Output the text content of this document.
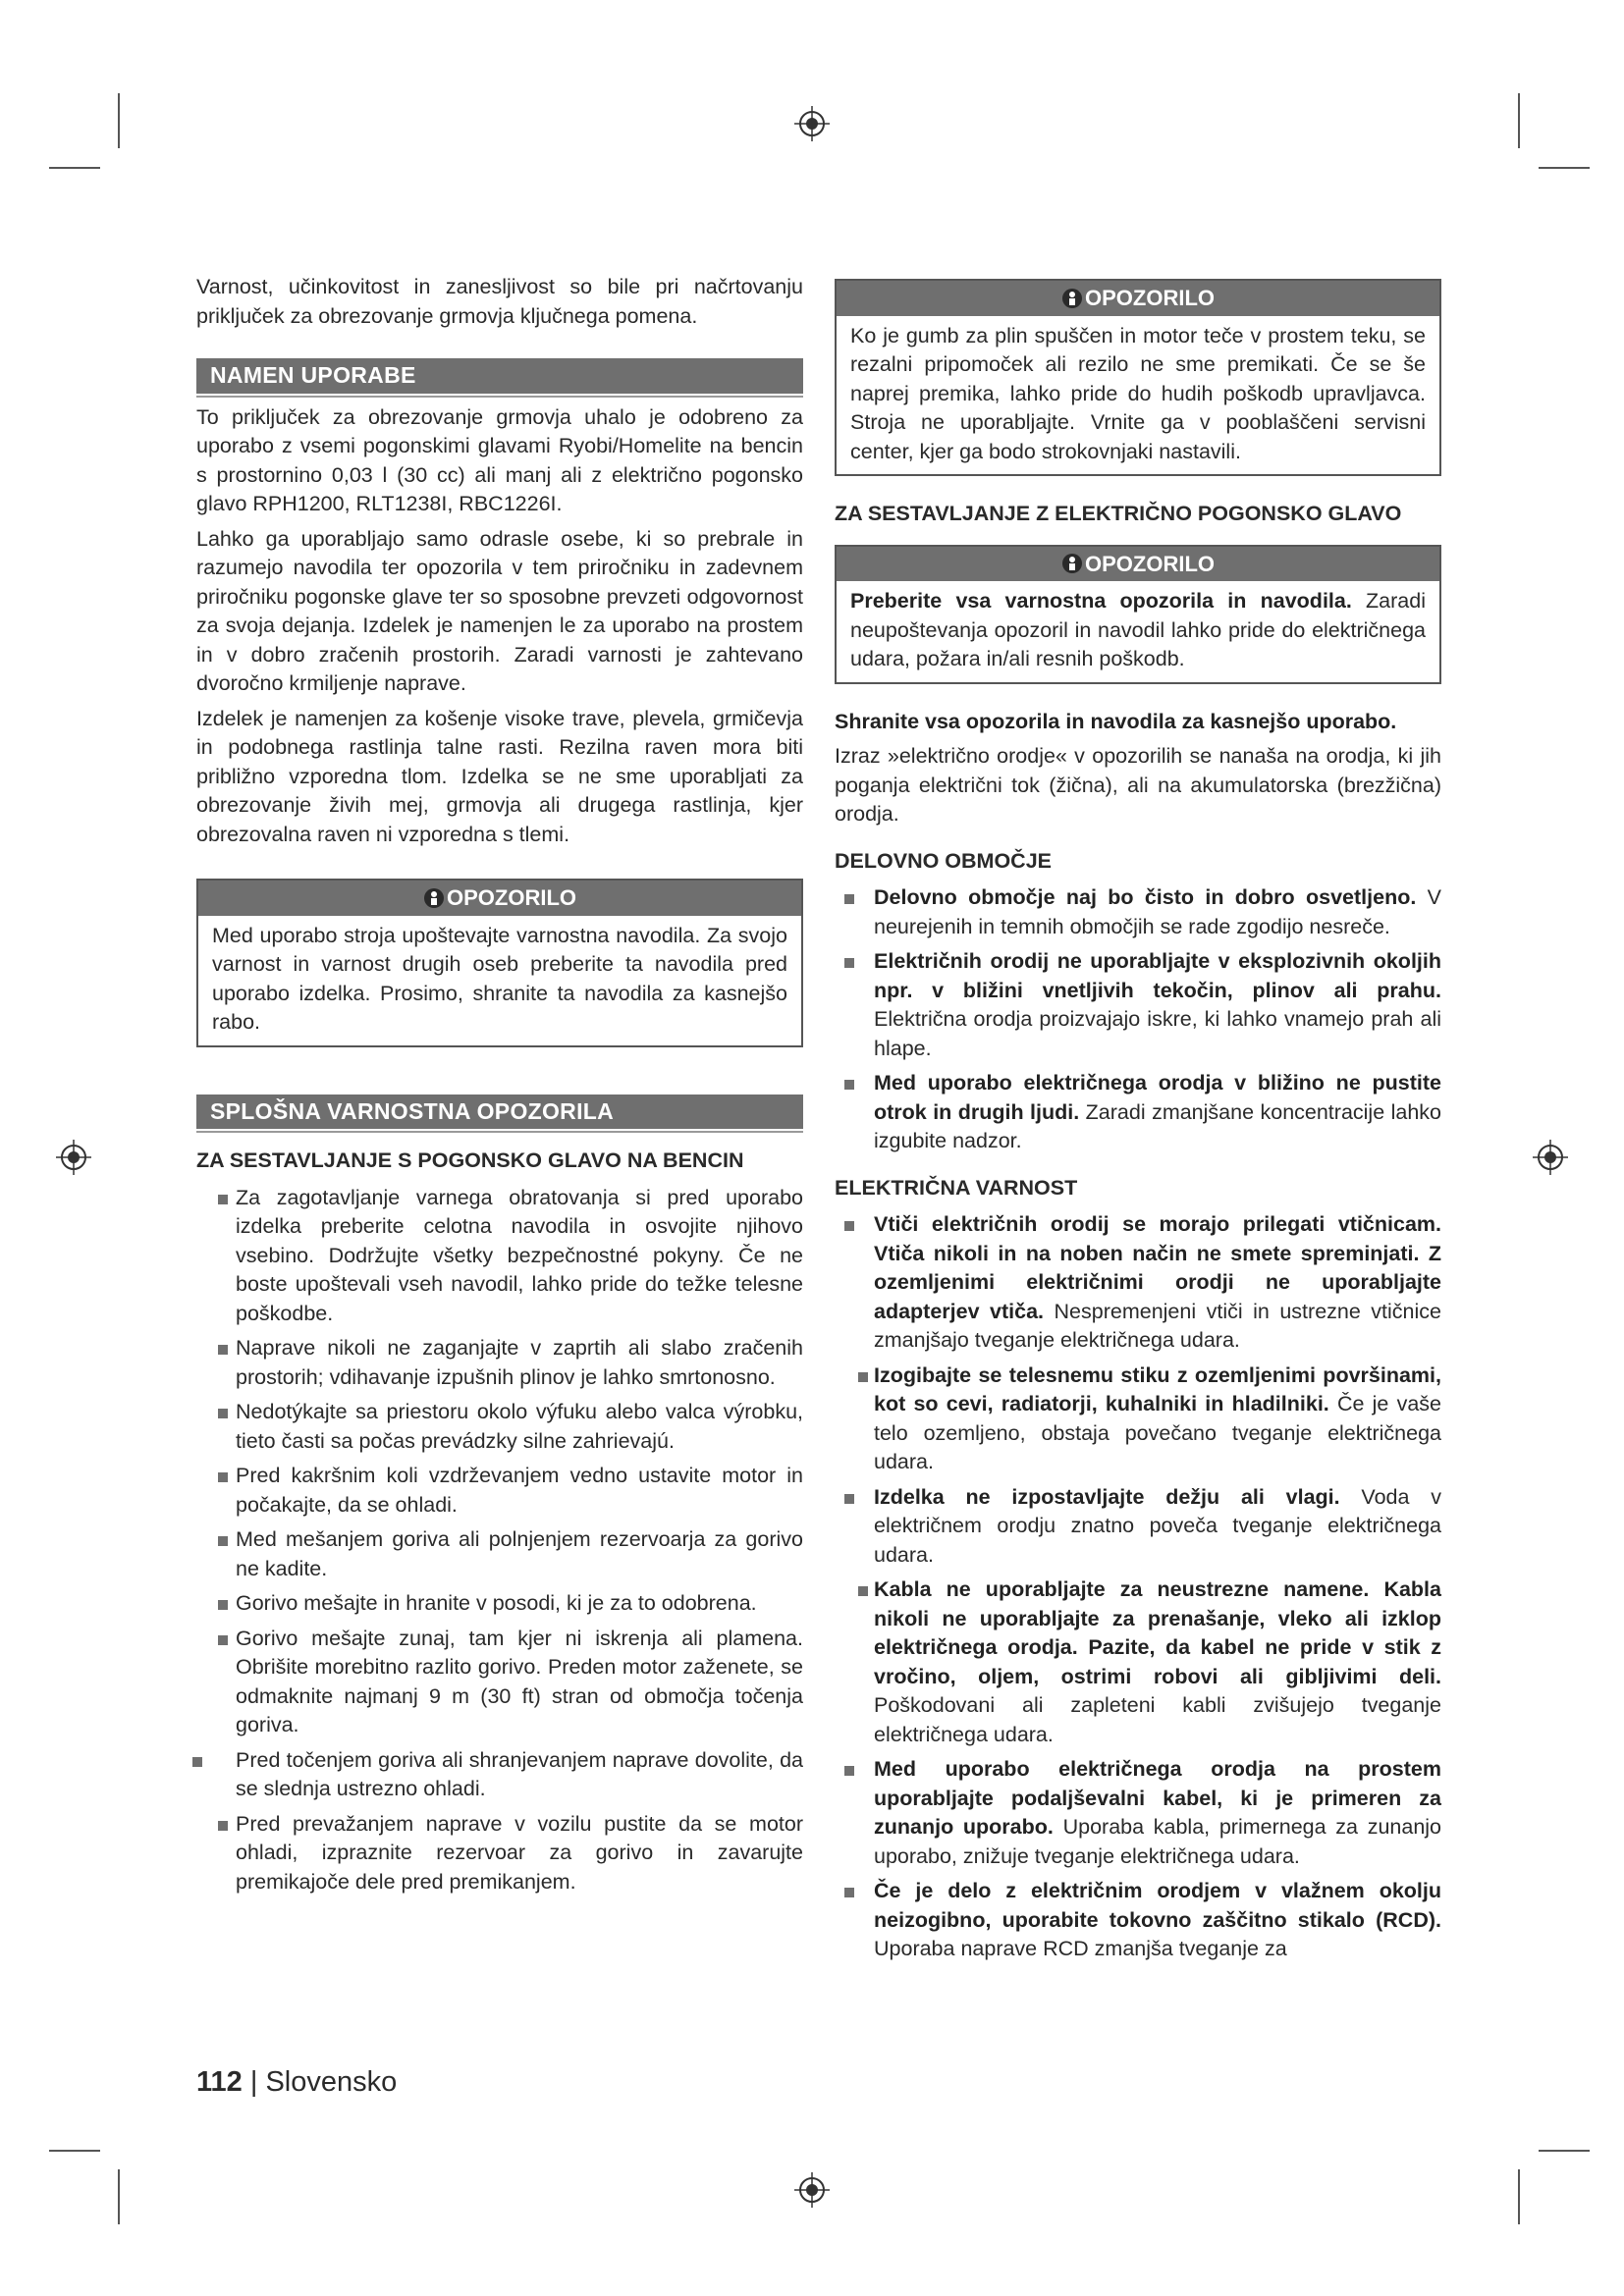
Varnost, učinkovitost in zanesljivost so bile pri načrtovanju priključek za obrezovanje grmovja ključnega pomena.

NAMEN UPORABE

To priključek za obrezovanje grmovja uhalo je odobreno za uporabo z vsemi pogonskimi glavami Ryobi/Homelite na bencin s prostornino 0,03 l (30 cc) ali manj ali z električno pogonsko glavo RPH1200, RLT1238I, RBC1226I.

Lahko ga uporabljajo samo odrasle osebe, ki so prebrale in razumejo navodila ter opozorila v tem priročniku in zadevnem priročniku pogonske glave ter so sposobne prevzeti odgovornost za svoja dejanja. Izdelek je namenjen le za uporabo na prostem in v dobro zračenih prostorih. Zaradi varnosti je zahtevano dvoročno krmiljenje naprave.

Izdelek je namenjen za košenje visoke trave, plevela, grmičevja in podobnega rastlinja talne rasti. Rezilna raven mora biti približno vzporedna tlom. Izdelka se ne sme uporabljati za obrezovanje živih mej, grmovja ali drugega rastlinja, kjer obrezovalna raven ni vzporedna s tlemi.

OPOZORILO

Med uporabo stroja upoštevajte varnostna navodila. Za svojo varnost in varnost drugih oseb preberite ta navodila pred uporabo izdelka. Prosimo, shranite ta navodila za kasnejšo rabo.

SPLOŠNA VARNOSTNA OPOZORILA
ZA SESTAVLJANJE S POGONSKO GLAVO NA BENCIN
Za zagotavljanje varnega obratovanja si pred uporabo izdelka preberite celotna navodila in osvojite njihovo vsebino. Dodržujte všetky bezpečnostné pokyny. Če ne boste upoštevali vseh navodil, lahko pride do težke telesne poškodbe.
Naprave nikoli ne zaganjajte v zaprtih ali slabo zračenih prostorih; vdihavanje izpušnih plinov je lahko smrtonosno.
Nedotýkajte sa priestoru okolo výfuku alebo valca výrobku, tieto časti sa počas prevádzky silne zahrievajú.
Pred kakršnim koli vzdrževanjem vedno ustavite motor in počakajte, da se ohladi.
Med mešanjem goriva ali polnjenjem rezervoarja za gorivo ne kadite.
Gorivo mešajte in hranite v posodi, ki je za to odobrena.
Gorivo mešajte zunaj, tam kjer ni iskrenja ali plamena. Obrišite morebitno razlito gorivo. Preden motor zaženete, se odmaknite najmanj 9 m (30 ft) stran od območja točenja goriva.
Pred točenjem goriva ali shranjevanjem naprave dovolite, da se slednja ustrezno ohladi.
Pred prevažanjem naprave v vozilu pustite da se motor ohladi, izpraznite rezervoar za gorivo in zavarujte premikajoče dele pred premikanjem.
OPOZORILO

Ko je gumb za plin spuščen in motor teče v prostem teku, se rezalni pripomoček ali rezilo ne sme premikati. Če se še naprej premika, lahko pride do hudih poškodb upravljavca. Stroja ne uporabljajte. Vrnite ga v pooblaščeni servisni center, kjer ga bodo strokovnjaki nastavili.

ZA SESTAVLJANJE Z ELEKTRIČNO POGONSKO GLAVO
OPOZORILO

Preberite vsa varnostna opozorila in navodila. Zaradi neupoštevanja opozoril in navodil lahko pride do električnega udara, požara in/ali resnih poškodb.

Shranite vsa opozorila in navodila za kasnejšo uporabo.

Izraz »električno orodje« v opozorilih se nanaša na orodja, ki jih poganja električni tok (žična), ali na akumulatorska (brezžična) orodja.

DELOVNO OBMOČJE
Delovno območje naj bo čisto in dobro osvetljeno. V neurejenih in temnih območjih se rade zgodijo nesreče.
Električnih orodij ne uporabljajte v eksplozivnih okoljih npr. v bližini vnetljivih tekočin, plinov ali prahu. Električna orodja proizvajajo iskre, ki lahko vnamejo prah ali hlape.
Med uporabo električnega orodja v bližino ne pustite otrok in drugih ljudi. Zaradi zmanjšane koncentracije lahko izgubite nadzor.
ELEKTRIČNA VARNOST
Vtiči električnih orodij se morajo prilegati vtičnicam. Vtiča nikoli in na noben način ne smete spreminjati. Z ozemljenimi električnimi orodji ne uporabljajte adapterjev vtiča. Nespremenjeni vtiči in ustrezne vtičnice zmanjšajo tveganje električnega udara.
Izogibajte se telesnemu stiku z ozemljenimi površinami, kot so cevi, radiatorji, kuhalniki in hladilniki. Če je vaše telo ozemljeno, obstaja povečano tveganje električnega udara.
Izdelka ne izpostavljajte dežju ali vlagi. Voda v električnem orodju znatno poveča tveganje električnega udara.
Kabla ne uporabljajte za neustrezne namene. Kabla nikoli ne uporabljajte za prenašanje, vleko ali izklop električnega orodja. Pazite, da kabel ne pride v stik z vročino, oljem, ostrimi robovi ali gibljivimi deli. Poškodovani ali zapleteni kabli zvišujejo tveganje električnega udara.
Med uporabo električnega orodja na prostem uporabljajte podaljševalni kabel, ki je primeren za zunanjo uporabo. Uporaba kabla, primernega za zunanjo uporabo, znižuje tveganje električnega udara.
Če je delo z električnim orodjem v vlažnem okolju neizogibno, uporabite tokovno zaščitno stikalo (RCD). Uporaba naprave RCD zmanjša tveganje za
112 | Slovensko
